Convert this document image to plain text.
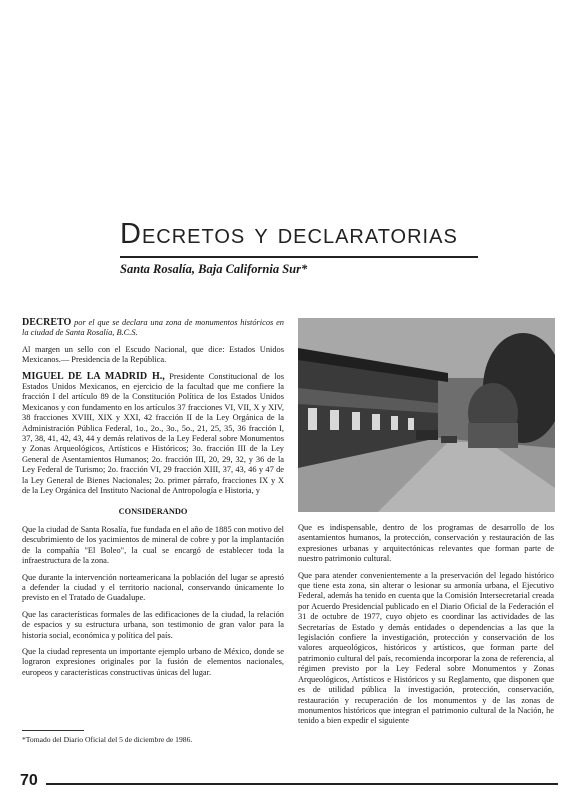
Decretos y declaratorias
Santa Rosalía, Baja California Sur*

DECRETO por el que se declara una zona de monumentos históricos en la ciudad de Santa Rosalía, B.C.S.

Al margen un sello con el Escudo Nacional, que dice: Estados Unidos Mexicanos.— Presidencia de la República.

MIGUEL DE LA MADRID H., Presidente Constitucional de los Estados Unidos Mexicanos, en ejercicio de la facultad que me confiere la fracción I del artículo 89 de la Constitución Política de los Estados Unidos Mexicanos y con fundamento en los artículos 37 fracciones VI, VII, X y XIV, 38 fracciones XVIII, XIX y XXI, 42 fracción II de la Ley Orgánica de la Administración Pública Federal, 1o., 2o., 3o., 5o., 21, 25, 35, 36 fracción I, 37, 38, 41, 42, 43, 44 y demás relativos de la Ley Federal sobre Monumentos y Zonas Arqueológicos, Artísticos e Históricos; 3o. fracción III de la Ley General de Asentamientos Humanos; 2o. fracción III, 20, 29, 32, y 36 de la Ley Federal de Turismo; 2o. fracción VI, 29 fracción XIII, 37, 43, 46 y 47 de la Ley General de Bienes Nacionales; 2o. primer párrafo, fracciones IX y X de la Ley Orgánica del Instituto Nacional de Antropología e Historia, y

CONSIDERANDO

Que la ciudad de Santa Rosalía, fue fundada en el año de 1885 con motivo del descubrimiento de los yacimientos de mineral de cobre y por la implantación de la compañía "El Boleo", la cual se encargó de establecer toda la infraestructura de la zona.

Que durante la intervención norteamericana la población del lugar se aprestó a defender la ciudad y el territorio nacional, conservando únicamente lo previsto en el Tratado de Guadalupe.

Que las características formales de las edificaciones de la ciudad, la relación de espacios y su estructura urbana, son testimonio de gran valor para la historia social, económica y política del país.

Que la ciudad representa un importante ejemplo urbano de México, donde se lograron expresiones originales por la fusión de elementos nacionales, europeos y características constructivas únicas del lugar.

Que es indispensable, dentro de los programas de desarrollo de los asentamientos humanos, la protección, conservación y restauración de las expresiones urbanas y arquitectónicas relevantes que forman parte de nuestro patrimonio cultural.

Que para atender convenientemente a la preservación del legado histórico que tiene esta zona, sin alterar o lesionar su armonía urbana, el Ejecutivo Federal, además ha tenido en cuenta que la Comisión Intersecretarial creada por Acuerdo Presidencial publicado en el Diario Oficial de la Federación el 31 de octubre de 1977, cuyo objeto es coordinar las actividades de las Secretarías de Estado y demás entidades o dependencias a las que la legislación confiere la investigación, protección y conservación de los valores arqueológicos, históricos y artísticos, que forman parte del patrimonio cultural del país, recomienda incorporar la zona de referencia, al régimen previsto por la Ley Federal sobre Monumentos y Zonas Arqueológicos, Artísticos e Históricos y su Reglamento, que disponen que es de utilidad pública la investigación, protección, conservación, restauración y recuperación de los monumentos y de las zonas de monumentos históricos que integran el patrimonio cultural de la Nación, he tenido a bien expedir el siguiente

*Tomado del Diario Oficial del 5 de diciembre de 1986.
70
